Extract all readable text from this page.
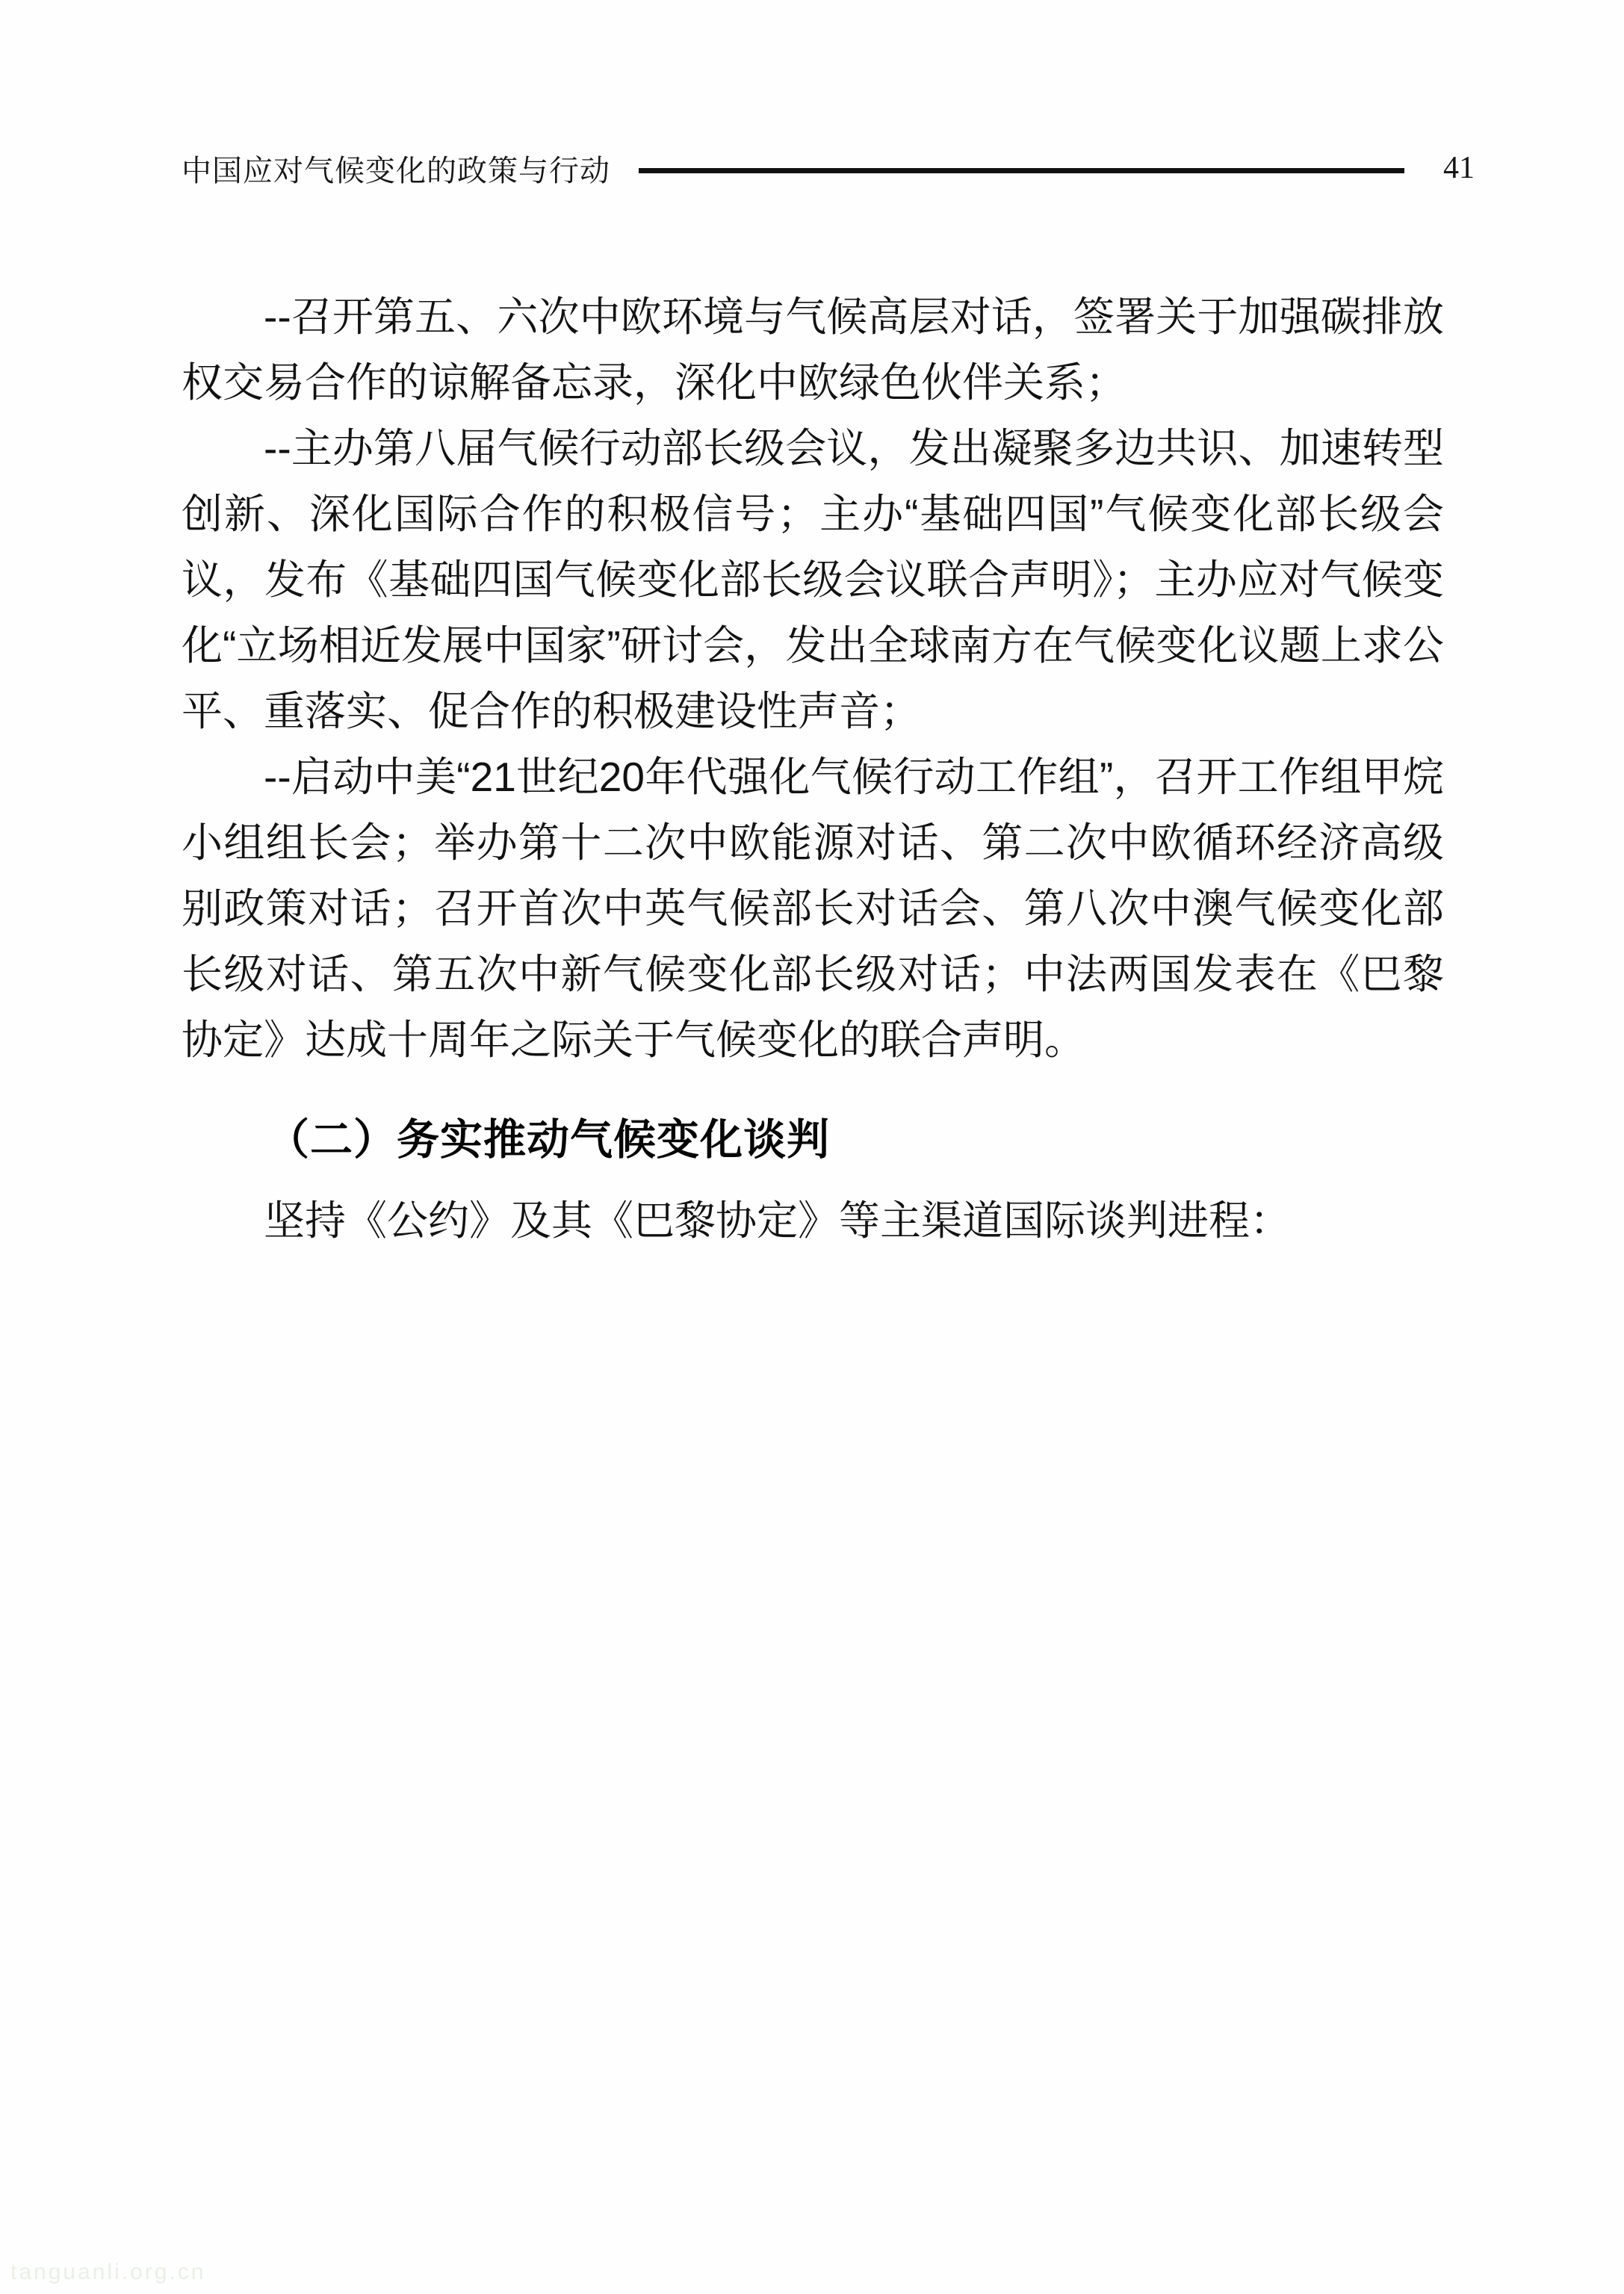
中国应对气候变化的政策与行动	41

--召开第五、六次中欧环境与气候高层对话，签署关于加强碳排放权交易合作的谅解备忘录，深化中欧绿色伙伴关系；

--主办第八届气候行动部长级会议，发出凝聚多边共识、加速转型创新、深化国际合作的积极信号；主办“基础四国”气候变化部长级会议，发布《基础四国气候变化部长级会议联合声明》；主办应对气候变化“立场相近发展中国家”研讨会，发出全球南方在气候变化议题上求公平、重落实、促合作的积极建设性声音；

--启动中美“21世纪20年代强化气候行动工作组”，召开工作组甲烷小组组长会；举办第十二次中欧能源对话、第二次中欧循环经济高级别政策对话；召开首次中英气候部长对话会、第八次中澳气候变化部长级对话、第五次中新气候变化部长级对话；中法两国发表在《巴黎协定》达成十周年之际关于气候变化的联合声明。

（二）务实推动气候变化谈判

坚持《公约》及其《巴黎协定》等主渠道国际谈判进程：

tanguanli.org.cn
